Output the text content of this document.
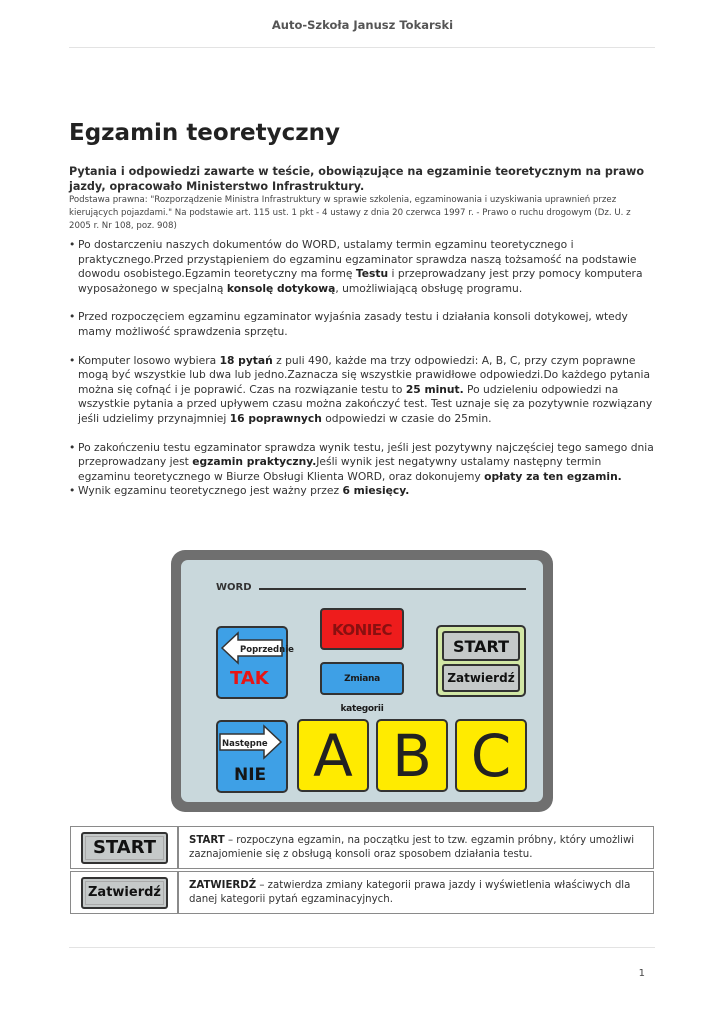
Auto-Szkoła Janusz Tokarski
Egzamin teoretyczny

Pytania i odpowiedzi zawarte w teście, obowiązujące na egzaminie teoretycznym na prawo jazdy, opracowało Ministerstwo Infrastruktury.

Podstawa prawna: "Rozporządzenie Ministra Infrastruktury w sprawie szkolenia, egzaminowania i uzyskiwania uprawnień przez kierujących pojazdami." Na podstawie art. 115 ust. 1 pkt - 4 ustawy z dnia 20 czerwca 1997 r. - Prawo o ruchu drogowym (Dz. U. z 2005 r. Nr 108, poz. 908)

• Po dostarczeniu naszych dokumentów do WORD, ustalamy termin egzaminu teoretycznego i praktycznego.Przed przystąpieniem do egzaminu egzaminator sprawdza naszą tożsamość na podstawie dowodu osobistego.Egzamin teoretyczny ma formę Testu i przeprowadzany jest przy pomocy komputera wyposażonego w specjalną konsolę dotykową, umożliwiającą obsługę programu.
• Przed rozpoczęciem egzaminu egzaminator wyjaśnia zasady testu i działania konsoli dotykowej, wtedy mamy możliwość sprawdzenia sprzętu.
• Komputer losowo wybiera 18 pytań z puli 490, każde ma trzy odpowiedzi: A, B, C, przy czym poprawne mogą być wszystkie lub dwa lub jedno.Zaznacza się wszystkie prawidłowe odpowiedzi.Do każdego pytania można się cofnąć i je poprawić. Czas na rozwiązanie testu to 25 minut. Po udzieleniu odpowiedzi na wszystkie pytania a przed upływem czasu można zakończyć test. Test uznaje się za pozytywnie rozwiązany jeśli udzielimy przynajmniej 16 poprawnych odpowiedzi w czasie do 25min.
• Po zakończeniu testu egzaminator sprawdza wynik testu, jeśli jest pozytywny najczęściej tego samego dnia przeprowadzany jest egzamin praktyczny.Jeśli wynik jest negatywny ustalamy następny termin egzaminu teoretycznego w Biurze Obsługi Klienta WORD, oraz dokonujemy opłaty za ten egzamin.
• Wynik egzaminu teoretycznego jest ważny przez 6 miesięcy.
WORD
KONIEC
Zmiana kategorii
Poprzednie
TAK
Następne
NIE
START
Zatwierdź
A B C
START	START – rozpoczyna egzamin, na początku jest to tzw. egzamin próbny, który umożliwi zaznajomienie się z obsługą konsoli oraz sposobem działania testu.

Zatwierdź	ZATWIERDŹ – zatwierdza zmiany kategorii prawa jazdy i wyświetlenia właściwych dla danej kategorii pytań egzaminacyjnych.
1
